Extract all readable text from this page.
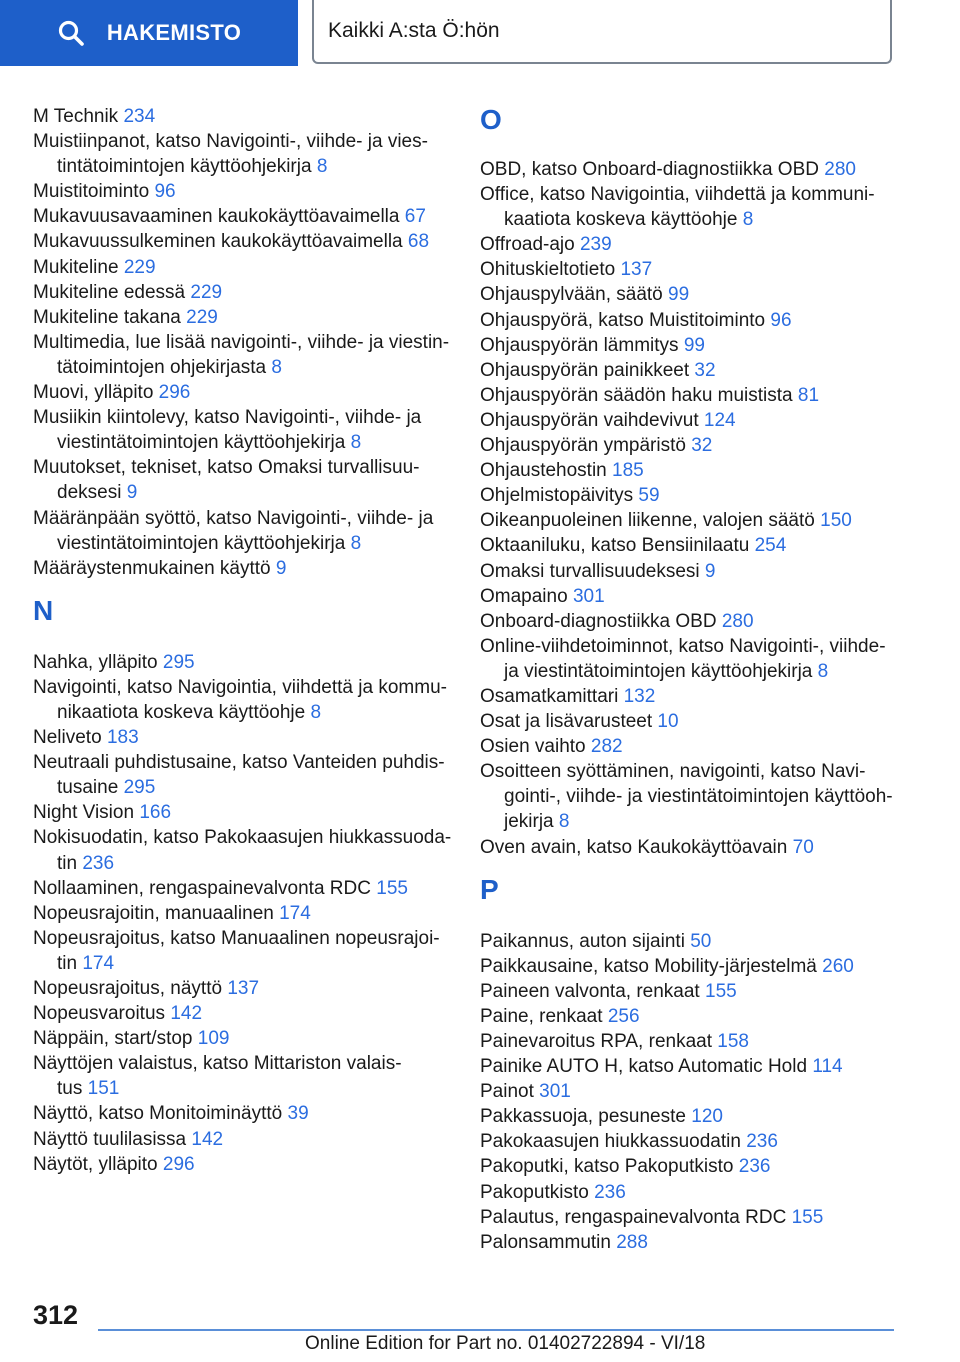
HAKEMISTO	Kaikki A:sta Ö:hön
M Technik 234
Muistiinpanot, katso Navigointi-, viihde- ja vies-
tintätoimintojen käyttöohjekirja 8
Muistitoiminto 96
Mukavuusavaaminen kaukokäyttöavaimella 67
Mukavuussulkeminen kaukokäyttöavaimella 68
Mukiteline 229
Mukiteline edessä 229
Mukiteline takana 229
Multimedia, lue lisää navigointi-, viihde- ja viestin-
tätoimintojen ohjekirjasta 8
Muovi, ylläpito 296
Musiikin kiintolevy, katso Navigointi-, viihde- ja
viestintätoimintojen käyttöohjekirja 8
Muutokset, tekniset, katso Omaksi turvallisuu-
deksesi 9
Määränpään syöttö, katso Navigointi-, viihde- ja
viestintätoimintojen käyttöohjekirja 8
Määräystenmukainen käyttö 9
N
Nahka, ylläpito 295
Navigointi, katso Navigointia, viihdettä ja kommu-
nikaatiota koskeva käyttöohje 8
Neliveto 183
Neutraali puhdistusaine, katso Vanteiden puhdis-
tusaine 295
Night Vision 166
Nokisuodatin, katso Pakokaasujen hiukkassuoda-
tin 236
Nollaaminen, rengaspainevalvonta RDC 155
Nopeusrajoitin, manuaalinen 174
Nopeusrajoitus, katso Manuaalinen nopeusrajoi-
tin 174
Nopeusrajoitus, näyttö 137
Nopeusvaroitus 142
Näppäin, start/stop 109
Näyttöjen valaistus, katso Mittariston valais-
tus 151
Näyttö, katso Monitoiminäyttö 39
Näyttö tuulilasissa 142
Näytöt, ylläpito 296
O
OBD, katso Onboard-diagnostiikka OBD 280
Office, katso Navigointia, viihdettä ja kommuni-
kaatiota koskeva käyttöohje 8
Offroad-ajo 239
Ohituskieltotieto 137
Ohjauspylvään, säätö 99
Ohjauspyörä, katso Muistitoiminto 96
Ohjauspyörän lämmitys 99
Ohjauspyörän painikkeet 32
Ohjauspyörän säädön haku muistista 81
Ohjauspyörän vaihdevivut 124
Ohjauspyörän ympäristö 32
Ohjaustehostin 185
Ohjelmistopäivitys 59
Oikeanpuoleinen liikenne, valojen säätö 150
Oktaaniluku, katso Bensiinilaatu 254
Omaksi turvallisuudeksesi 9
Omapaino 301
Onboard-diagnostiikka OBD 280
Online-viihdetoiminnot, katso Navigointi-, viihde-
ja viestintätoimintojen käyttöohjekirja 8
Osamatkamittari 132
Osat ja lisävarusteet 10
Osien vaihto 282
Osoitteen syöttäminen, navigointi, katso Navi-
gointi-, viihde- ja viestintätoimintojen käyttöoh-
jekirja 8
Oven avain, katso Kaukokäyttöavain 70
P
Paikannus, auton sijainti 50
Paikkausaine, katso Mobility-järjestelmä 260
Paineen valvonta, renkaat 155
Paine, renkaat 256
Painevaroitus RPA, renkaat 158
Painike AUTO H, katso Automatic Hold 114
Painot 301
Pakkassuoja, pesuneste 120
Pakokaasujen hiukkassuodatin 236
Pakoputki, katso Pakoputkisto 236
Pakoputkisto 236
Palautus, rengaspainevalvonta RDC 155
Palonsammutin 288
312
Online Edition for Part no. 01402722894 - VI/18
